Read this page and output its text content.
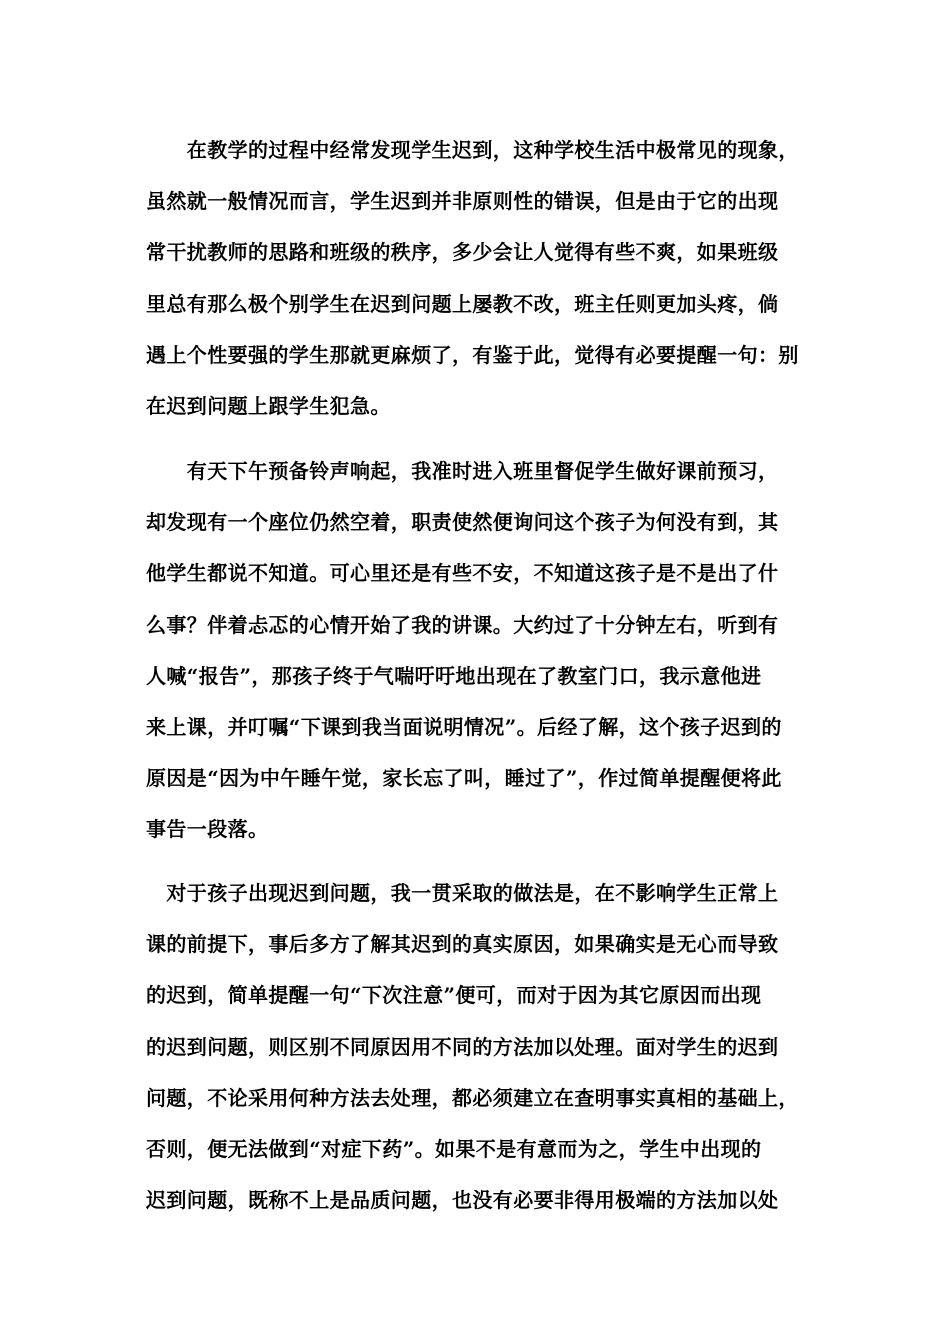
　　在教学的过程中经常发现学生迟到，这种学校生活中极常见的现象，
虽然就一般情况而言，学生迟到并非原则性的错误，但是由于它的出现
常干扰教师的思路和班级的秩序，多少会让人觉得有些不爽，如果班级
里总有那么极个别学生在迟到问题上屡教不改，班主任则更加头疼，倘
遇上个性要强的学生那就更麻烦了，有鉴于此，觉得有必要提醒一句：别
在迟到问题上跟学生犯急。
　　有天下午预备铃声响起，我准时进入班里督促学生做好课前预习，
却发现有一个座位仍然空着，职责使然便询问这个孩子为何没有到，其
他学生都说不知道。可心里还是有些不安，不知道这孩子是不是出了什
么事？伴着忐忑的心情开始了我的讲课。大约过了十分钟左右，听到有
人喊“报告”，那孩子终于气喘吁吁地出现在了教室门口，我示意他进
来上课，并叮嘱“下课到我当面说明情况”。后经了解，这个孩子迟到的
原因是“因为中午睡午觉，家长忘了叫，睡过了”，作过简单提醒便将此
事告一段落。
　对于孩子出现迟到问题，我一贯采取的做法是，在不影响学生正常上
课的前提下，事后多方了解其迟到的真实原因，如果确实是无心而导致
的迟到，简单提醒一句“下次注意”便可，而对于因为其它原因而出现
的迟到问题，则区别不同原因用不同的方法加以处理。面对学生的迟到
问题，不论采用何种方法去处理，都必须建立在查明事实真相的基础上，
否则，便无法做到“对症下药”。如果不是有意而为之，学生中出现的
迟到问题，既称不上是品质问题，也没有必要非得用极端的方法加以处
